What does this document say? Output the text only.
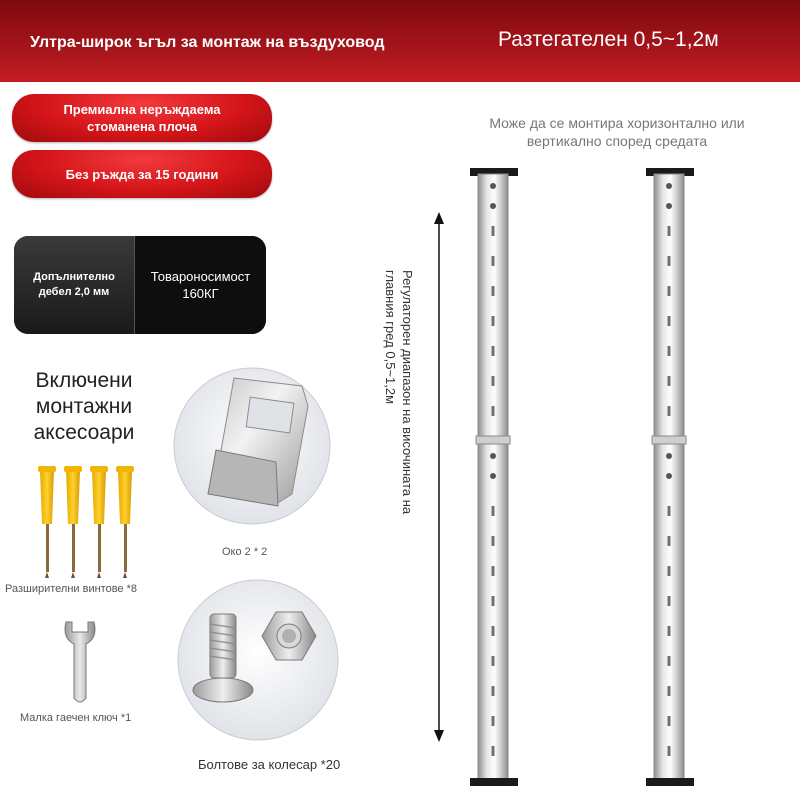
Ултра-широк ъгъл за монтаж на въздуховод	Разтегателен 0,5~1,2м
Премиална неръждаема стоманена плоча
Без ръжда за 15 години
Допълнително дебел 2,0 мм
Товароносимост 160КГ
Включени монтажни аксесоари
Разширителни винтове *8
Малка гаечен ключ *1
Око 2 * 2
Болтове за колесар *20
Може да се монтира хоризонтално или вертикално според средата
Регулаторен диапазон на височината на главния гред 0,5~1,2м
